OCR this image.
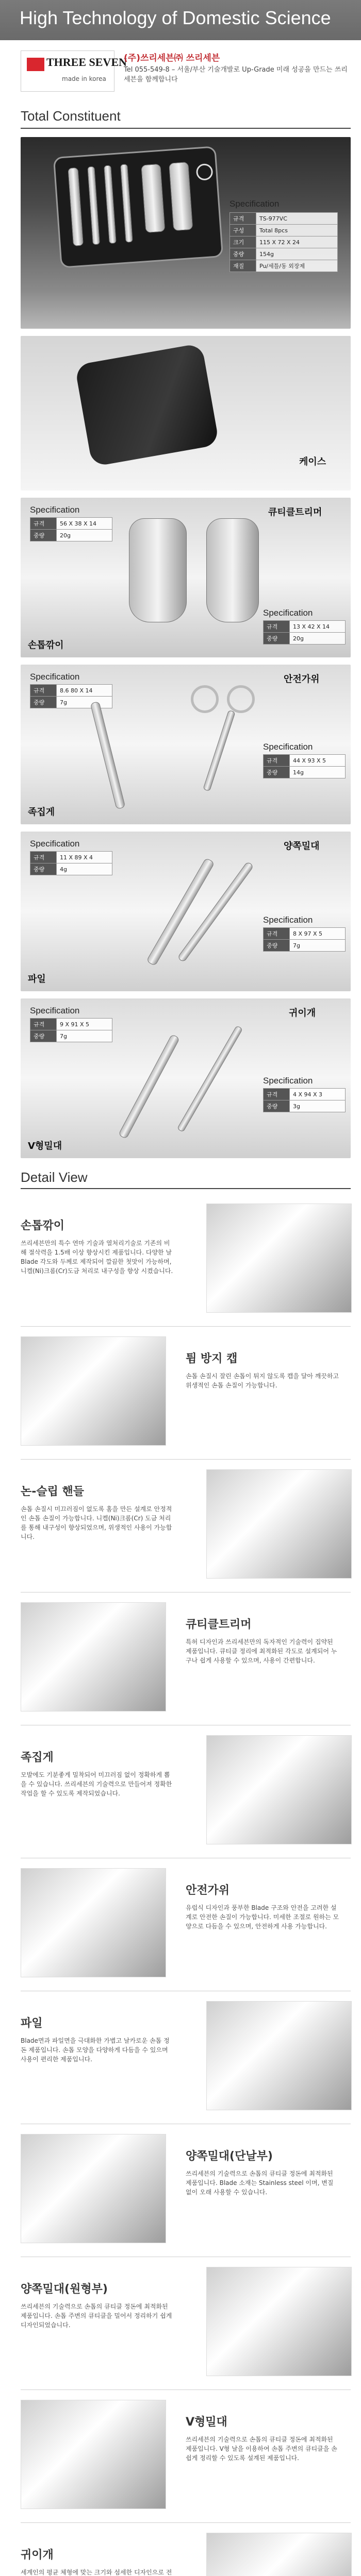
High Technology of Domestic Science
THREE SEVEN
made in korea
(주)쓰리세븐㈜ 쓰리세븐
Tel 055-549-8 – 서울/부산 기술개발로 Up-Grade 미래 성공을 만드는 쓰리세븐을 함께합니다
Total Constituent
Specification
규격	TS-977VC
구성	Total 8pcs
크기	115 X 72 X 24
중량	154g
재질	Pu/세틀/동 외장제
케이스
Specification
규격	56 X 38 X 14
중량	20g
큐티클트리머
손톱깎이
Specification
규격	13 X 42 X 14
중량	20g
Specification
규격	8.6 80 X 14
중량	7g
안전가위
Specification
규격	44 X 93 X 5
중량	14g
족집게
Specification
규격	11 X 89 X 4
중량	4g
양쪽밀대
Specification
규격	8 X 97 X 5
중량	7g
파일
Specification
규격	9 X 91 X 5
중량	7g
귀이개
Specification
규격	4 X 94 X 3
중량	3g
V형밀대
Detail View
손톱깎이
쓰리세븐만의 특수 연마 기술과 열처리기술로 기존의 비해 절삭력을 1.5배 이상 향상시킨 제품입니다. 다양한 날Blade 각도와 두께로 제작되어 깔끔한 첫맛이 가능하며, 니켈(Ni)크롬(Cr)도금 처리로 내구성을 향상 시켰습니다.
튐 방지 캡
손톱 손질시 잘린 손톱이 튀지 않도록 캡을 달아 깨끗하고 위생적인 손톱 손질이 가능합니다.
논-슬립 핸들
손톱 손질시 미끄러짐이 없도록 홈을 만든 설계로 안정적인 손톱 손질이 가능합니다. 니켈(Ni)크롬(Cr) 도금 처리를 통해 내구성이 향상되었으며, 위생적인 사용이 가능합니다.
큐티클트리머
특허 디자인과 쓰리세븐만의 독자적인 기술력이 집약된 제품입니다. 큐티클 정리에 최적화된 각도로 설계되어 누구나 쉽게 사용할 수 있으며, 사용이 간편합니다.
족집게
모발에도 기분좋게 밀착되어 미끄러짐 없이 정확하게 뽑을 수 있습니다. 쓰리세븐의 기술력으로 만들어져 정확한 작업을 할 수 있도록 제작되었습니다.
안전가위
유럽식 디자인과 풍부한 Blade 구조와 안전을 고려한 설계로 안전한 손질이 가능합니다. 미세한 조절로 원하는 모양으로 다듬을 수 있으며, 안전하게 사용 가능합니다.
파일
Blade면과 파일면을 극대화한 가볍고 날카로운 손톱 정돈 제품입니다. 손톱 모양을 다양하게 다듬을 수 있으며 사용이 편리한 제품입니다.
양쪽밀대(단날부)
쓰리세븐의 기술력으로 손톱의 큐티클 정돈에 최적화된 제품입니다. Blade 소재는 Stainless steel 이며, 변질 없이 오래 사용할 수 있습니다.
양쪽밀대(원형부)
쓰리세븐의 기술력으로 손톱의 큐티클 정돈에 최적화된 제품입니다. 손톱 주변의 큐티클을 밀어서 정리하기 쉽게 디자인되었습니다.
V형밀대
쓰리세븐의 기술력으로 손톱의 큐티클 정돈에 최적화된 제품입니다. V형 날을 이용하여 손톱 주변의 큐티클을 손쉽게 정리할 수 있도록 설계된 제품입니다.
귀이개
세계인의 평균 체형에 맞는 크기와 섬세한 디자인으로 전
